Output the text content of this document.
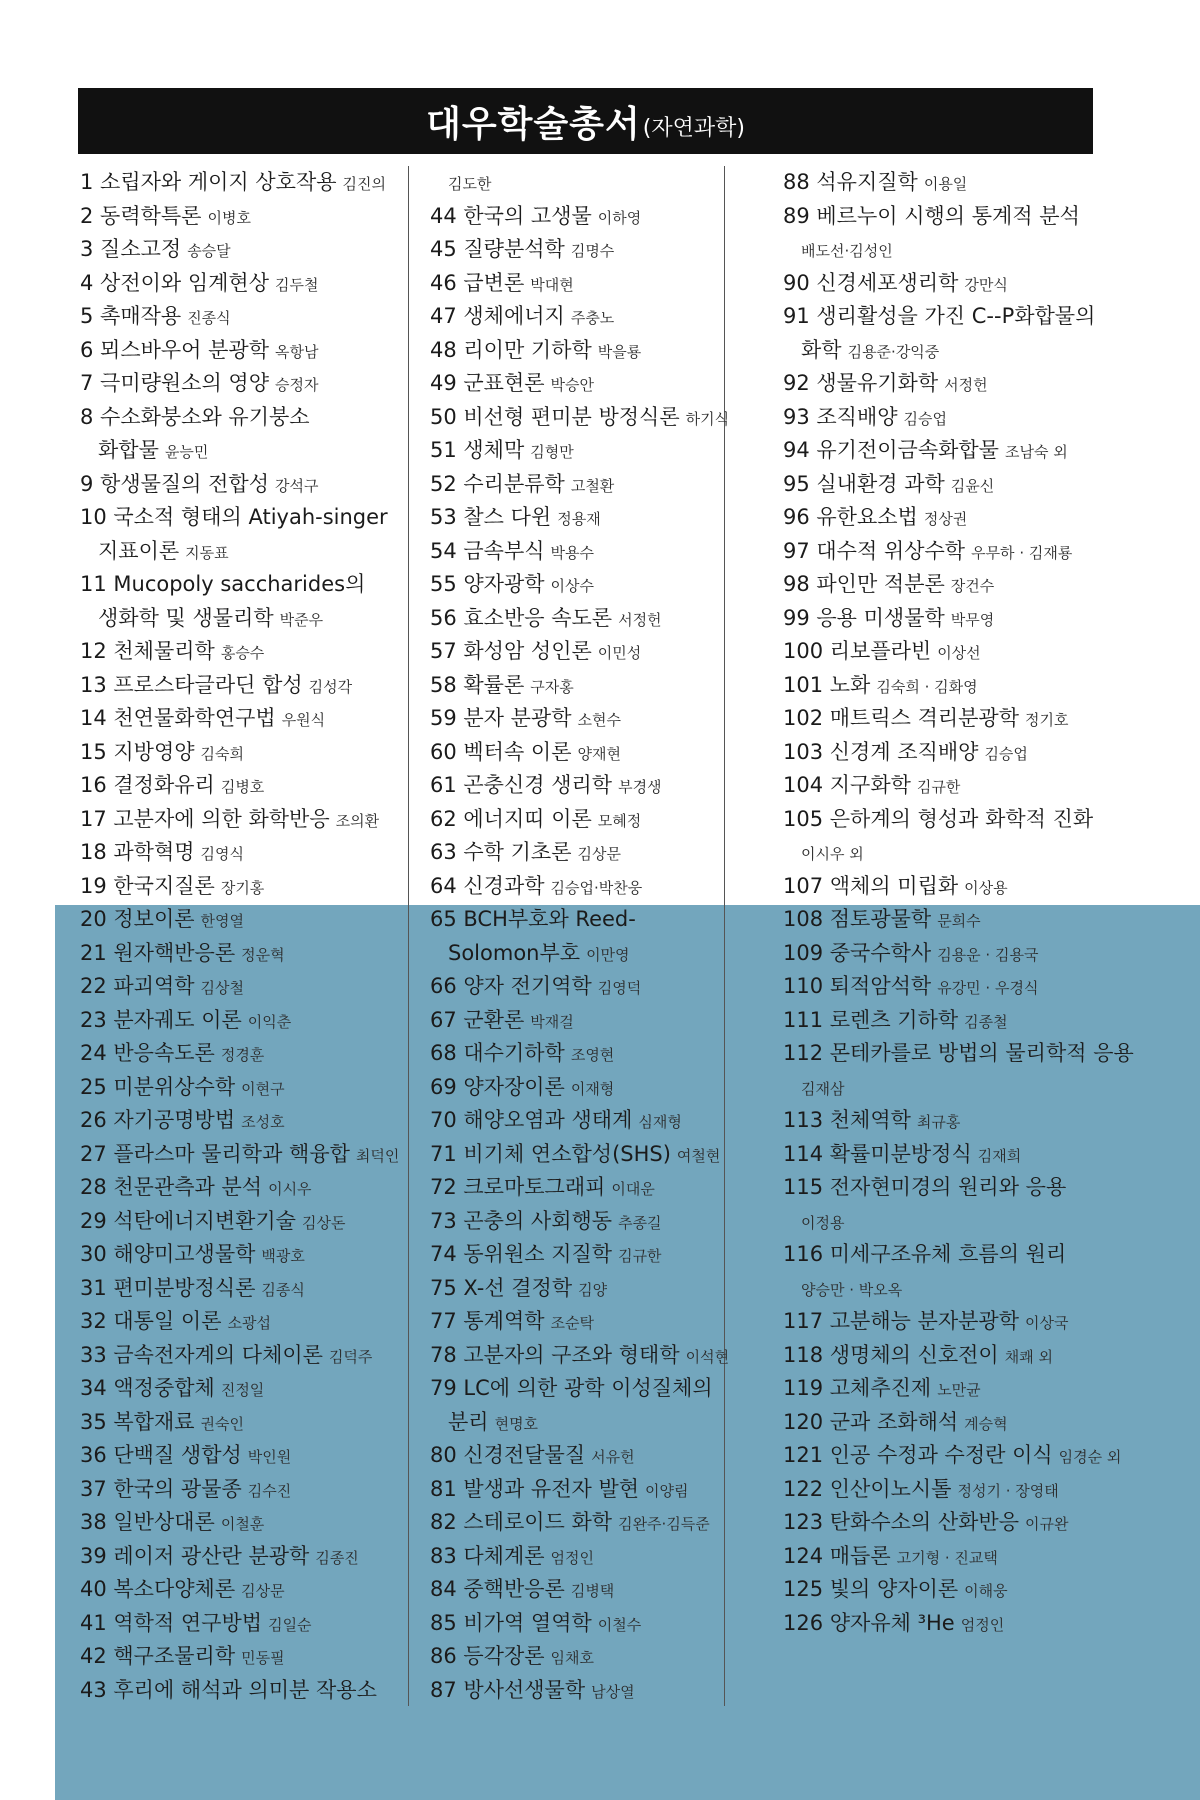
대우학술총서 (자연과학)
1 소립자와 게이지 상호작용 김진의
2 동력학특론 이병호
3 질소고정 송승달
4 상전이와 임계현상 김두철
5 촉매작용 진종식
6 뫼스바우어 분광학 옥항남
7 극미량원소의 영양 승정자
8 수소화붕소와 유기붕소
화합물 윤능민
9 항생물질의 전합성 강석구
10 국소적 형태의 Atiyah-singer
지표이론 지동표
11 Mucopoly saccharides의
생화학 및 생물리학 박준우
12 천체물리학 홍승수
13 프로스타글라딘 합성 김성각
14 천연물화학연구법 우원식
15 지방영양 김숙희
16 결정화유리 김병호
17 고분자에 의한 화학반응 조의환
18 과학혁명 김영식
19 한국지질론 장기홍
20 정보이론 한영열
21 원자핵반응론 정운혁
22 파괴역학 김상철
23 분자궤도 이론 이익춘
24 반응속도론 정경훈
25 미분위상수학 이현구
26 자기공명방법 조성호
27 플라스마 물리학과 핵융합 최덕인
28 천문관측과 분석 이시우
29 석탄에너지변환기술 김상돈
30 해양미고생물학 백광호
31 편미분방정식론 김종식
32 대통일 이론 소광섭
33 금속전자계의 다체이론 김덕주
34 액정중합체 진정일
35 복합재료 권숙인
36 단백질 생합성 박인원
37 한국의 광물종 김수진
38 일반상대론 이철훈
39 레이저 광산란 분광학 김종진
40 복소다양체론 김상문
41 역학적 연구방법 김일순
42 핵구조물리학 민동필
43 후리에 해석과 의미분 작용소
김도한
44 한국의 고생물 이하영
45 질량분석학 김명수
46 급변론 박대현
47 생체에너지 주충노
48 리이만 기하학 박을룡
49 군표현론 박승안
50 비선형 편미분 방정식론 하기식
51 생체막 김형만
52 수리분류학 고철환
53 찰스 다윈 정용재
54 금속부식 박용수
55 양자광학 이상수
56 효소반응 속도론 서정헌
57 화성암 성인론 이민성
58 확률론 구자홍
59 분자 분광학 소현수
60 벡터속 이론 양재현
61 곤충신경 생리학 부경생
62 에너지띠 이론 모혜정
63 수학 기초론 김상문
64 신경과학 김승업·박찬웅
65 BCH부호와 Reed-
Solomon부호 이만영
66 양자 전기역학 김영덕
67 군환론 박재걸
68 대수기하학 조영현
69 양자장이론 이재형
70 해양오염과 생태계 심재형
71 비기체 연소합성(SHS) 여철현
72 크로마토그래피 이대운
73 곤충의 사회행동 추종길
74 동위원소 지질학 김규한
75 X-선 결정학 김양
77 통계역학 조순탁
78 고분자의 구조와 형태학 이석현
79 LC에 의한 광학 이성질체의
분리 현명호
80 신경전달물질 서유헌
81 발생과 유전자 발현 이양림
82 스테로이드 화학 김완주·김득준
83 다체계론 엄정인
84 중핵반응론 김병택
85 비가역 열역학 이철수
86 등각장론 임채호
87 방사선생물학 남상열
88 석유지질학 이용일
89 베르누이 시행의 통계적 분석
배도선·김성인
90 신경세포생리학 강만식
91 생리활성을 가진 C--P화합물의
화학 김용준·강익중
92 생물유기화학 서정헌
93 조직배양 김승업
94 유기전이금속화합물 조남숙 외
95 실내환경 과학 김윤신
96 유한요소법 정상권
97 대수적 위상수학 우무하 · 김재룡
98 파인만 적분론 장건수
99 응용 미생물학 박무영
100 리보플라빈 이상선
101 노화 김숙희 · 김화영
102 매트릭스 격리분광학 정기호
103 신경계 조직배양 김승업
104 지구화학 김규한
105 은하계의 형성과 화학적 진화
이시우 외
107 액체의 미립화 이상용
108 점토광물학 문희수
109 중국수학사 김용운 · 김용국
110 퇴적암석학 유강민 · 우경식
111 로렌츠 기하학 김종철
112 몬테카를로 방법의 물리학적 응용
김재삼
113 천체역학 최규홍
114 확률미분방정식 김재희
115 전자현미경의 원리와 응용
이정용
116 미세구조유체 흐름의 원리
양승만 · 박오옥
117 고분해능 분자분광학 이상국
118 생명체의 신호전이 채쾌 외
119 고체추진제 노만균
120 군과 조화해석 계승혁
121 인공 수정과 수정란 이식 임경순 외
122 인산이노시톨 정성기 · 장영태
123 탄화수소의 산화반응 이규완
124 매듭론 고기형 · 진교택
125 빛의 양자이론 이해웅
126 양자유체 ³He 엄정인
